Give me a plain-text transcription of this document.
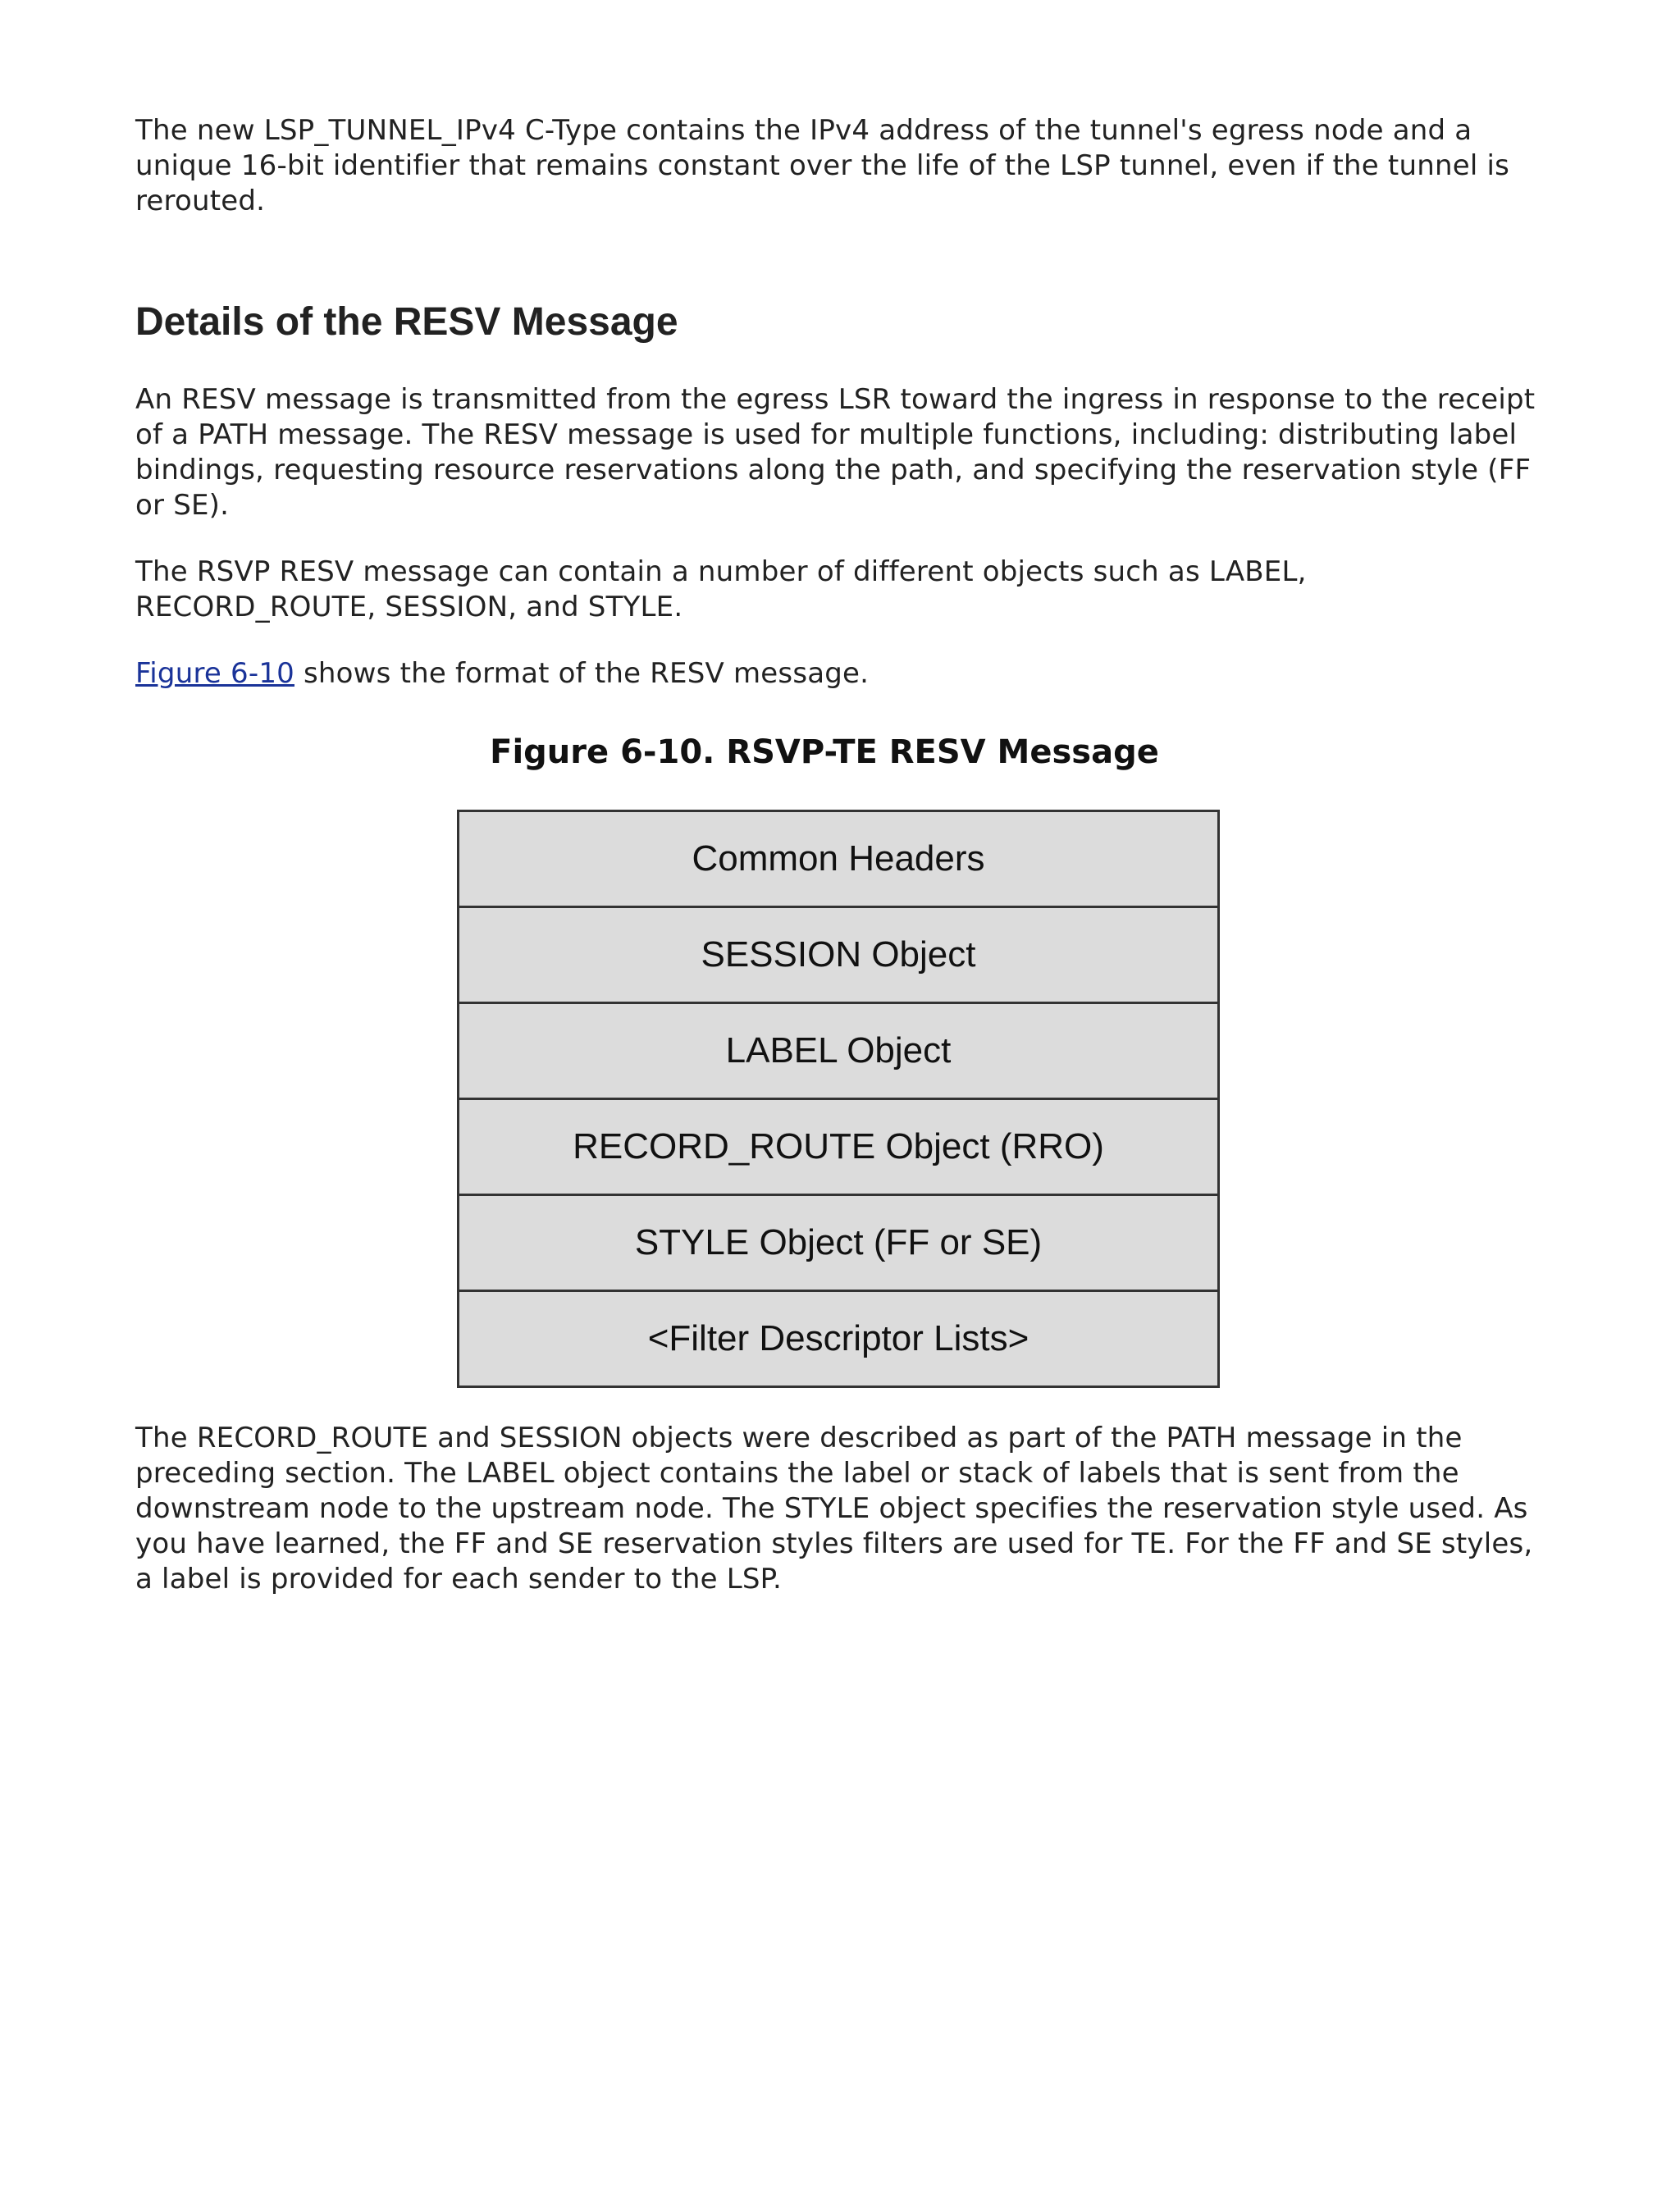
The new LSP_TUNNEL_IPv4 C-Type contains the IPv4 address of the tunnel's egress node and a unique 16-bit identifier that remains constant over the life of the LSP tunnel, even if the tunnel is rerouted.

Details of the RESV Message

An RESV message is transmitted from the egress LSR toward the ingress in response to the receipt of a PATH message. The RESV message is used for multiple functions, including: distributing label bindings, requesting resource reservations along the path, and specifying the reservation style (FF or SE).

The RSVP RESV message can contain a number of different objects such as LABEL, RECORD_ROUTE, SESSION, and STYLE.

Figure 6-10 shows the format of the RESV message.

Figure 6-10. RSVP-TE RESV Message
Common Headers
SESSION Object
LABEL Object
RECORD_ROUTE Object (RRO)
STYLE Object (FF or SE)
<Filter Descriptor Lists>

The RECORD_ROUTE and SESSION objects were described as part of the PATH message in the preceding section. The LABEL object contains the label or stack of labels that is sent from the downstream node to the upstream node. The STYLE object specifies the reservation style used. As you have learned, the FF and SE reservation styles filters are used for TE. For the FF and SE styles, a label is provided for each sender to the LSP.
